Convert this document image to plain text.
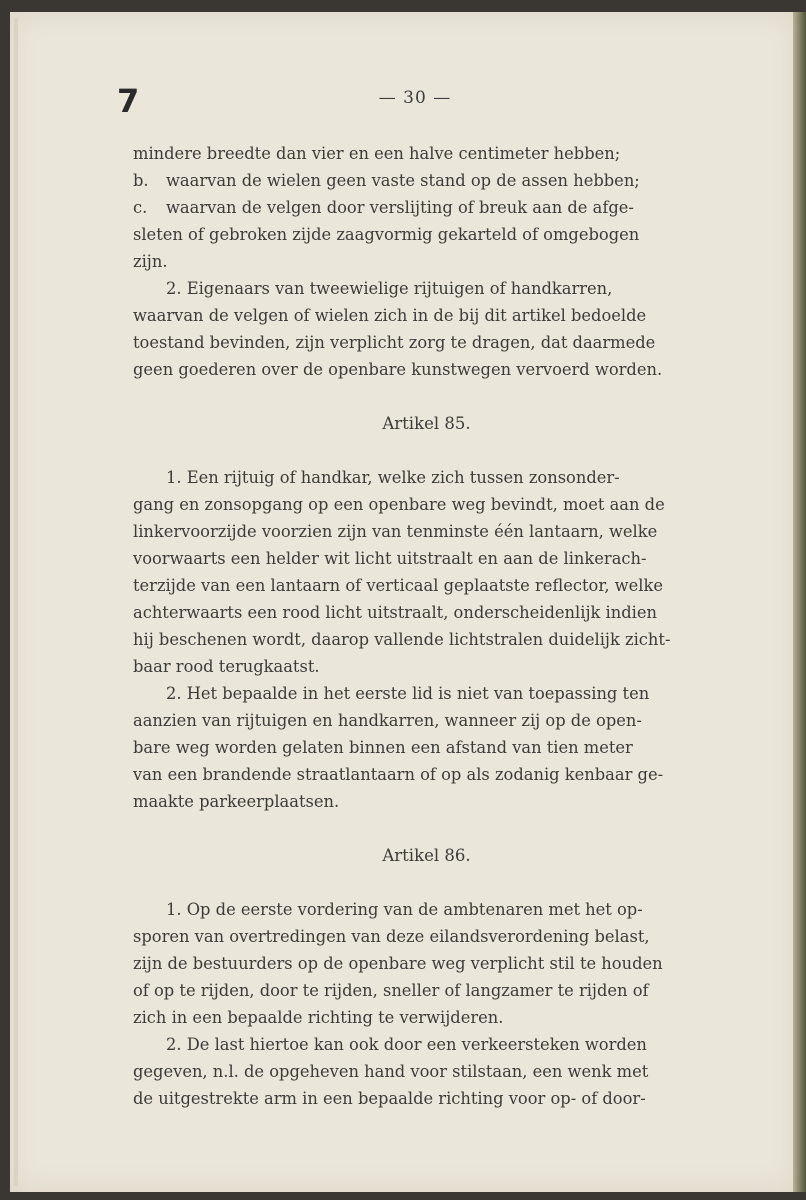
7	— 30 —
mindere breedte dan vier en een halve centimeter hebben;
b. waarvan de wielen geen vaste stand op de assen hebben;
c. waarvan de velgen door verslijting of breuk aan de afge-
sleten of gebroken zijde zaagvormig gekarteld of omgebogen
zijn.
2. Eigenaars van tweewielige rijtuigen of handkarren,
waarvan de velgen of wielen zich in de bij dit artikel bedoelde
toestand bevinden, zijn verplicht zorg te dragen, dat daarmede
geen goederen over de openbare kunstwegen vervoerd worden.
Artikel 85.
1. Een rijtuig of handkar, welke zich tussen zonsonder-
gang en zonsopgang op een openbare weg bevindt, moet aan de
linkervoorzijde voorzien zijn van tenminste één lantaarn, welke
voorwaarts een helder wit licht uitstraalt en aan de linkerach-
terzijde van een lantaarn of verticaal geplaatste reflector, welke
achterwaarts een rood licht uitstraalt, onderscheidenlijk indien
hij beschenen wordt, daarop vallende lichtstralen duidelijk zicht-
baar rood terugkaatst.
2. Het bepaalde in het eerste lid is niet van toepassing ten
aanzien van rijtuigen en handkarren, wanneer zij op de open-
bare weg worden gelaten binnen een afstand van tien meter
van een brandende straatlantaarn of op als zodanig kenbaar ge-
maakte parkeerplaatsen.
Artikel 86.
1. Op de eerste vordering van de ambtenaren met het op-
sporen van overtredingen van deze eilandsverordening belast,
zijn de bestuurders op de openbare weg verplicht stil te houden
of op te rijden, door te rijden, sneller of langzamer te rijden of
zich in een bepaalde richting te verwijderen.
2. De last hiertoe kan ook door een verkeersteken worden
gegeven, n.l. de opgeheven hand voor stilstaan, een wenk met
de uitgestrekte arm in een bepaalde richting voor op- of door-
